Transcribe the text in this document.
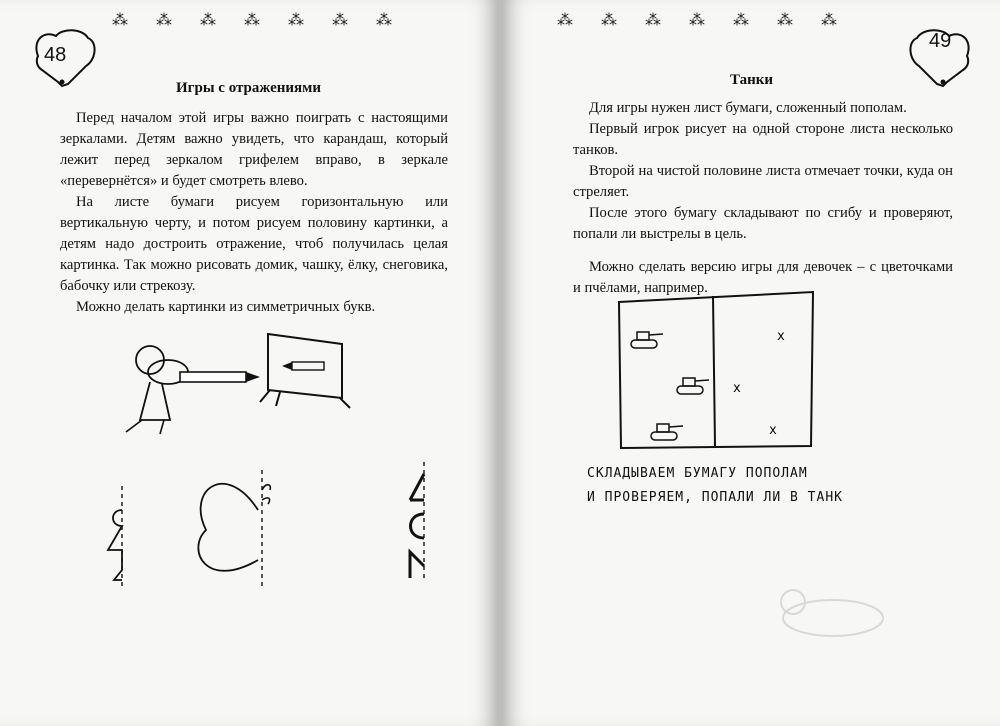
⁂⁂⁂⁂⁂⁂⁂
48
Игры с отражениями

Перед началом этой игры важно поиграть с настоящими зеркалами. Детям важно увидеть, что карандаш, который лежит перед зеркалом грифелем вправо, в зеркале «перевернётся» и будет смотреть влево.

На листе бумаги рисуем горизонтальную или вертикальную черту, и потом рисуем половину картинки, а детям надо достроить отражение, чтоб получилась целая картинка. Так можно рисовать домик, чашку, ёлку, снеговика, бабочку или стрекозу.

Можно делать картинки из симметричных букв.

⁂⁂⁂⁂⁂⁂⁂
49
Танки

Для игры нужен лист бумаги, сложенный пополам.

Первый игрок рисует на одной стороне листа несколько танков.

Второй на чистой половине листа отмечает точки, куда он стреляет.

После этого бумагу складывают по сгибу и проверяют, попали ли выстрелы в цель.

Можно сделать версию игры для девочек – с цветочками и пчёлами, например.

x
x
x
СКЛАДЫВАЕМ БУМАГУ ПОПОЛАМ
И ПРОВЕРЯЕМ, ПОПАЛИ ЛИ В ТАНК
